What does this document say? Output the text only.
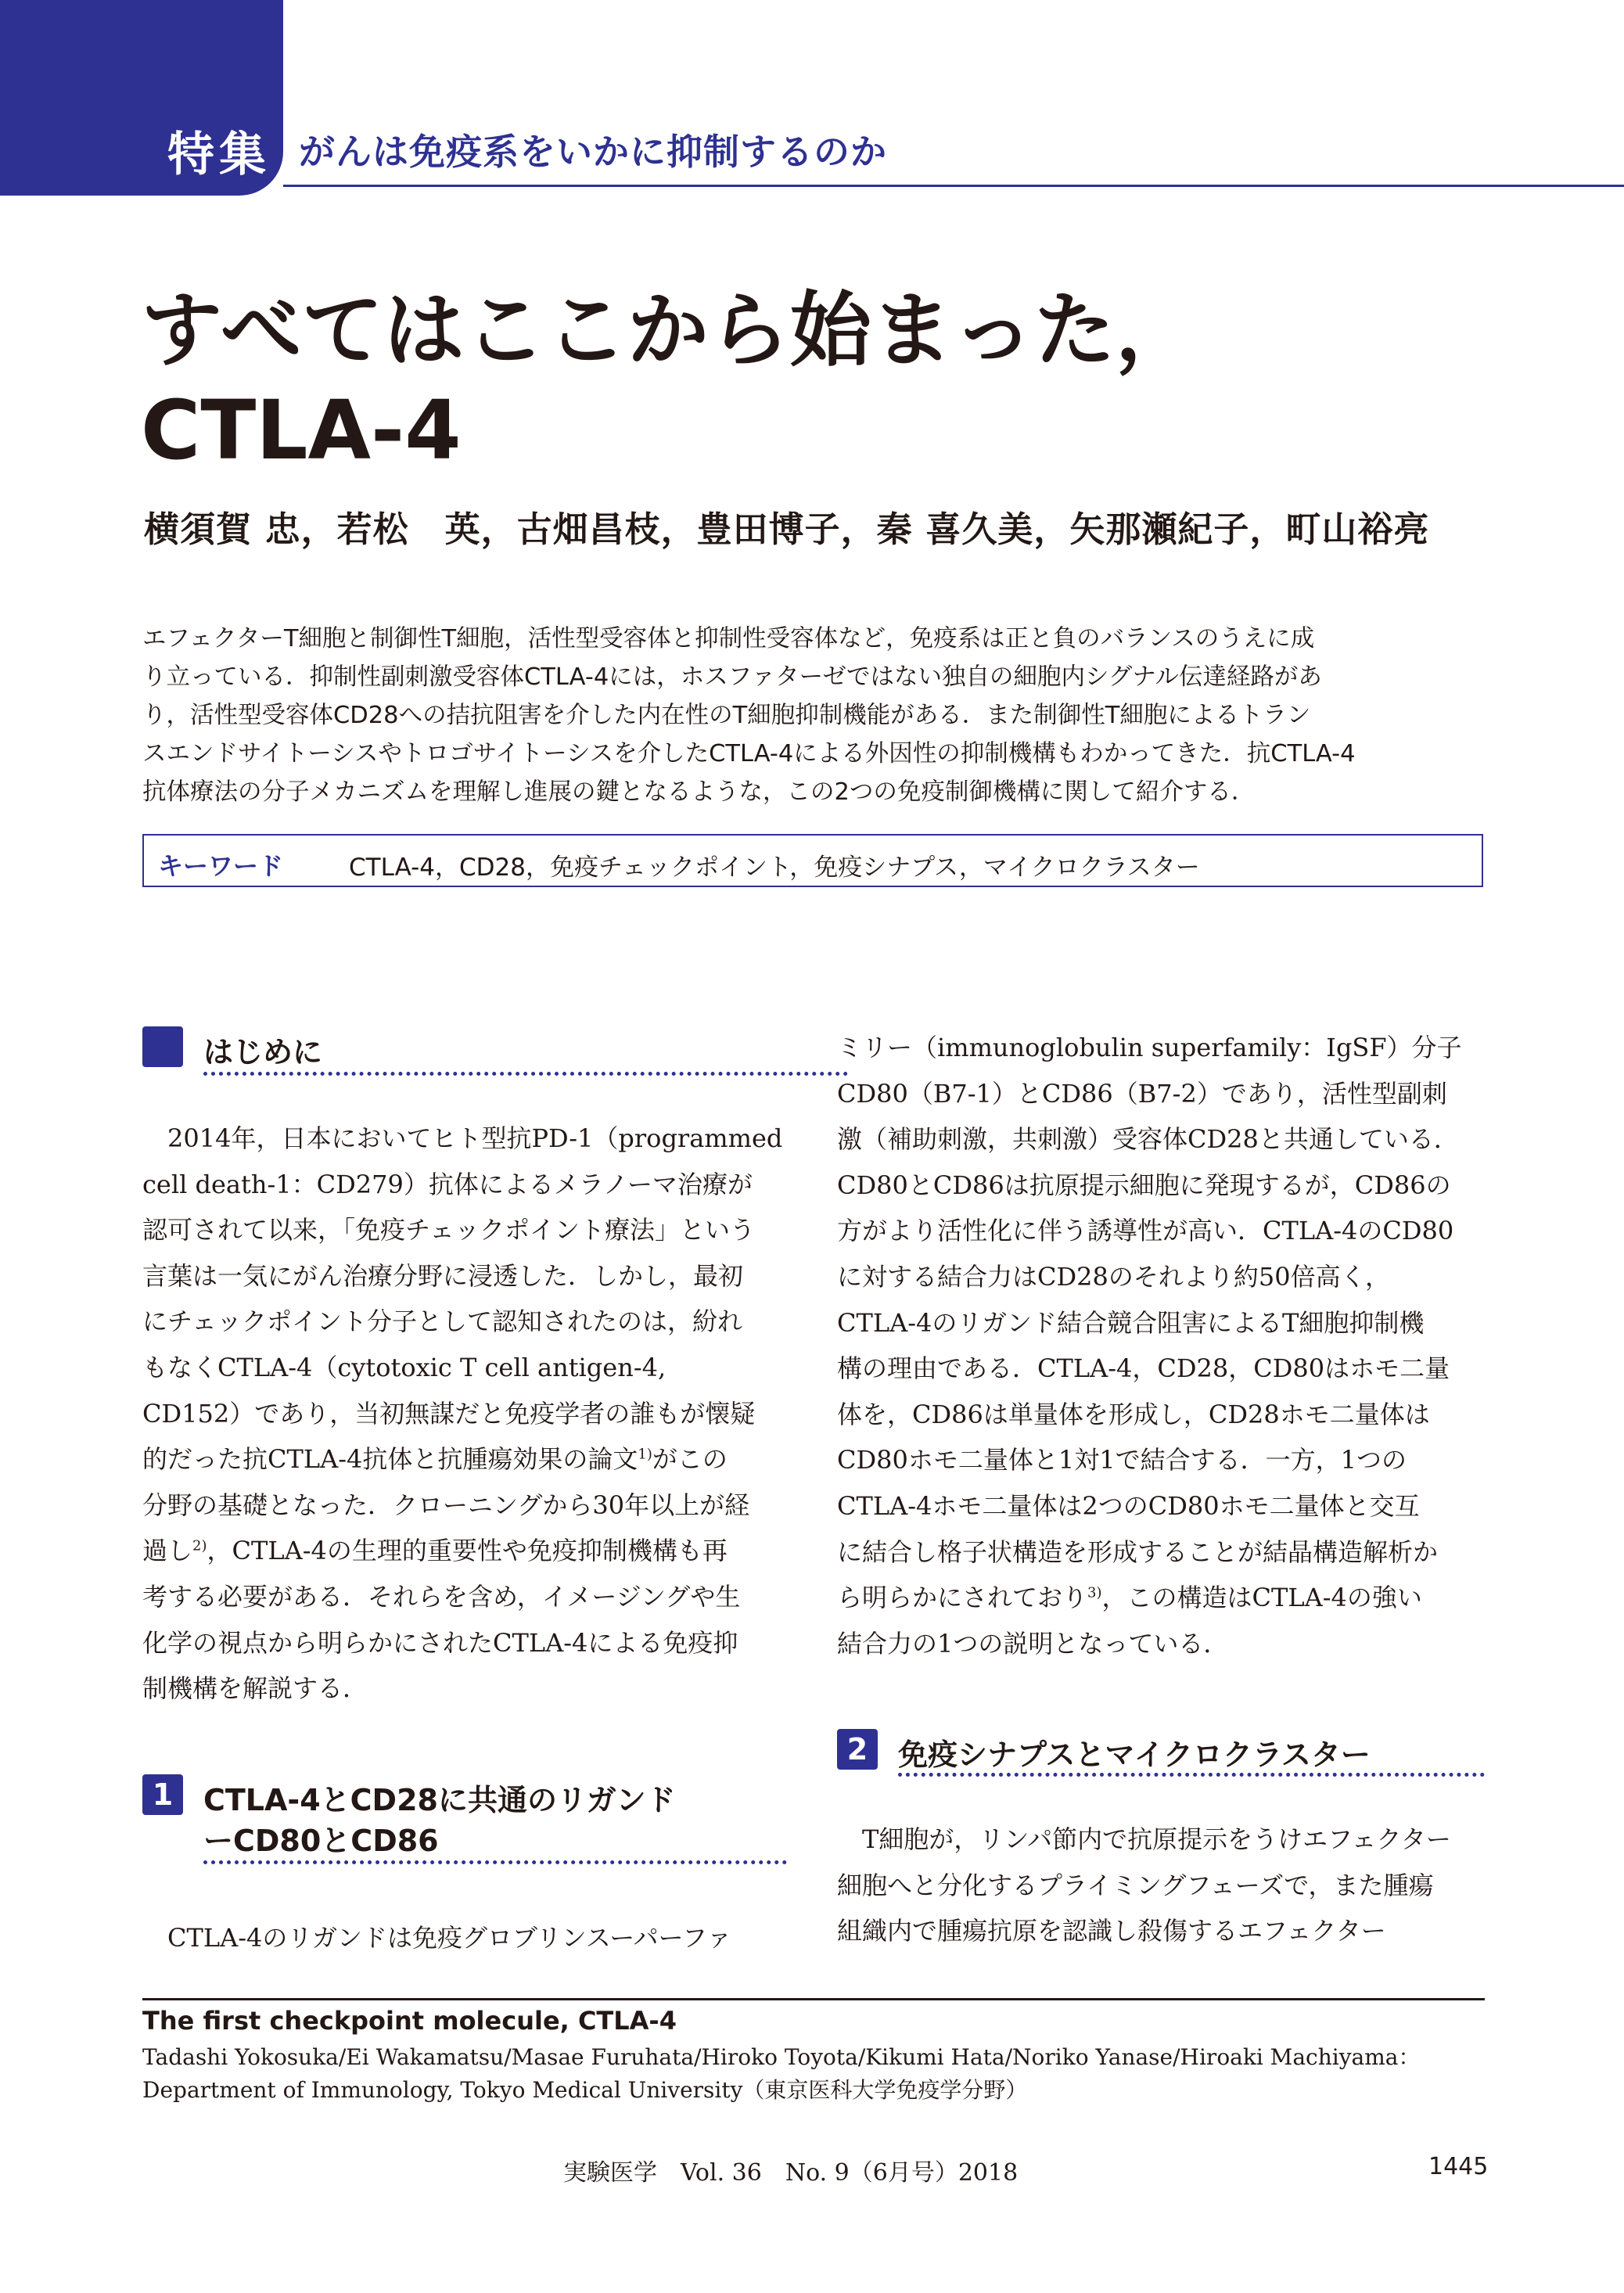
特集 がんは免疫系をいかに抑制するのか
すべてはここから始まった，
CTLA-4
横須賀 忠，若松　英，古畑昌枝，豊田博子，秦 喜久美，矢那瀬紀子，町山裕亮
エフェクターT細胞と制御性T細胞，活性型受容体と抑制性受容体など，免疫系は正と負のバランスのうえに成
り立っている．抑制性副刺激受容体CTLA-4には，ホスファターゼではない独自の細胞内シグナル伝達経路があ
り，活性型受容体CD28への拮抗阻害を介した内在性のT細胞抑制機能がある．また制御性T細胞によるトラン
スエンドサイトーシスやトロゴサイトーシスを介したCTLA-4による外因性の抑制機構もわかってきた．抗CTLA-4
抗体療法の分子メカニズムを理解し進展の鍵となるような，この2つの免疫制御機構に関して紹介する．
キーワード	CTLA-4，CD28，免疫チェックポイント，免疫シナプス，マイクロクラスター
はじめに
2014年，日本においてヒト型抗PD-1（programmed
cell death-1：CD279）抗体によるメラノーマ治療が
認可されて以来，「免疫チェックポイント療法」という
言葉は一気にがん治療分野に浸透した．しかし，最初
にチェックポイント分子として認知されたのは，紛れ
もなくCTLA-4（cytotoxic T cell antigen-4,
CD152）であり，当初無謀だと免疫学者の誰もが懐疑
的だった抗CTLA-4抗体と抗腫瘍効果の論文$^{1)}$がこの
分野の基礎となった．クローニングから30年以上が経
過し$^{2)}$，CTLA-4の生理的重要性や免疫抑制機構も再
考する必要がある．それらを含め，イメージングや生
化学の視点から明らかにされたCTLA-4による免疫抑
制機構を解説する．
1	CTLA-4とCD28に共通のリガンド
ーCD80とCD86
CTLA-4のリガンドは免疫グロブリンスーパーファ
ミリー（immunoglobulin superfamily：IgSF）分子
CD80（B7-1）とCD86（B7-2）であり，活性型副刺
激（補助刺激，共刺激）受容体CD28と共通している．
CD80とCD86は抗原提示細胞に発現するが，CD86の
方がより活性化に伴う誘導性が高い．CTLA-4のCD80
に対する結合力はCD28のそれより約50倍高く，
CTLA-4のリガンド結合競合阻害によるT細胞抑制機
構の理由である．CTLA-4，CD28，CD80はホモ二量
体を，CD86は単量体を形成し，CD28ホモ二量体は
CD80ホモ二量体と1対1で結合する．一方，1つの
CTLA-4ホモ二量体は2つのCD80ホモ二量体と交互
に結合し格子状構造を形成することが結晶構造解析か
ら明らかにされており$^{3)}$，この構造はCTLA-4の強い
結合力の1つの説明となっている．
2	免疫シナプスとマイクロクラスター
T細胞が，リンパ節内で抗原提示をうけエフェクター
細胞へと分化するプライミングフェーズで，また腫瘍
組織内で腫瘍抗原を認識し殺傷するエフェクター
The first checkpoint molecule, CTLA-4
Tadashi Yokosuka/Ei Wakamatsu/Masae Furuhata/Hiroko Toyota/Kikumi Hata/Noriko Yanase/Hiroaki Machiyama：
Department of Immunology, Tokyo Medical University（東京医科大学免疫学分野）
実験医学　Vol. 36　No. 9（6月号）2018	1445
